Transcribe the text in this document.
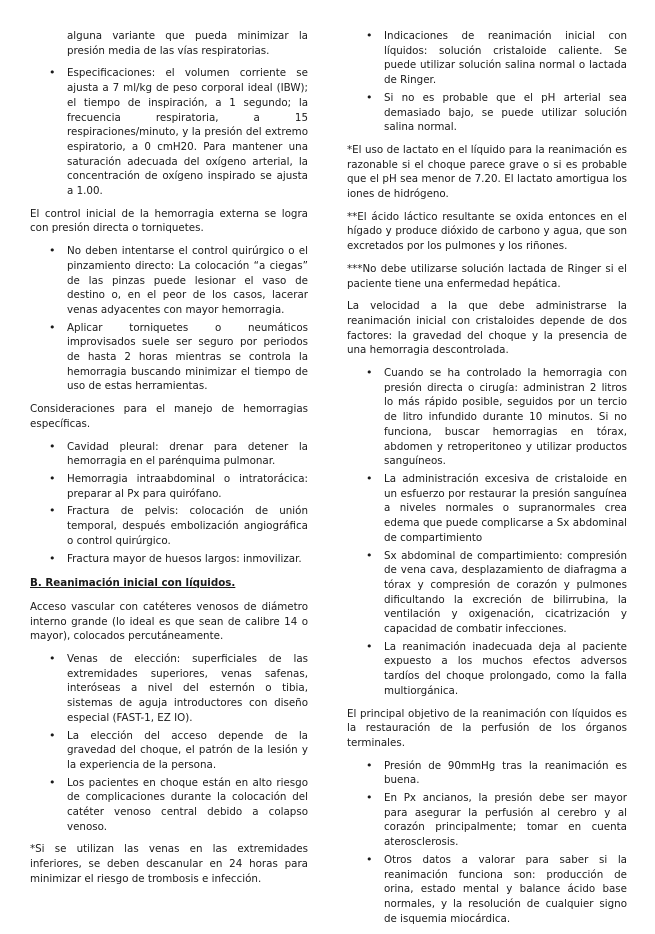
alguna variante que pueda minimizar la presión media de las vías respiratorias.
• Especificaciones: el volumen corriente se ajusta a 7 ml/kg de peso corporal ideal (IBW); el tiempo de inspiración, a 1 segundo; la frecuencia respiratoria, a 15 respiraciones/minuto, y la presión del extremo espiratorio, a 0 cmH20. Para mantener una saturación adecuada del oxígeno arterial, la concentración de oxígeno inspirado se ajusta a 1.00.

El control inicial de la hemorragia externa se logra con presión directa o torniquetes.

• No deben intentarse el control quirúrgico o el pinzamiento directo: La colocación “a ciegas” de las pinzas puede lesionar el vaso de destino o, en el peor de los casos, lacerar venas adyacentes con mayor hemorragia.
• Aplicar torniquetes o neumáticos improvisados suele ser seguro por periodos de hasta 2 horas mientras se controla la hemorragia buscando minimizar el tiempo de uso de estas herramientas.

Consideraciones para el manejo de hemorragias específicas.

• Cavidad pleural: drenar para detener la hemorragia en el parénquima pulmonar.
• Hemorragia intraabdominal o intratorácica: preparar al Px para quirófano.
• Fractura de pelvis: colocación de unión temporal, después embolización angiográfica o control quirúrgico.
• Fractura mayor de huesos largos: inmovilizar.
B. Reanimación inicial con líquidos.

Acceso vascular con catéteres venosos de diámetro interno grande (lo ideal es que sean de calibre 14 o mayor), colocados percutáneamente.

• Venas de elección: superficiales de las extremidades superiores, venas safenas, interóseas a nivel del esternón o tibia, sistemas de aguja introductores con diseño especial (FAST-1, EZ IO).
• La elección del acceso depende de la gravedad del choque, el patrón de la lesión y la experiencia de la persona.
• Los pacientes en choque están en alto riesgo de complicaciones durante la colocación del catéter venoso central debido a colapso venoso.

*Si se utilizan las venas en las extremidades inferiores, se deben descanular en 24 horas para minimizar el riesgo de trombosis e infección.

• Indicaciones de reanimación inicial con líquidos: solución cristaloide caliente. Se puede utilizar solución salina normal o lactada de Ringer.
• Si no es probable que el pH arterial sea demasiado bajo, se puede utilizar solución salina normal.

*El uso de lactato en el líquido para la reanimación es razonable si el choque parece grave o si es probable que el pH sea menor de 7.20. El lactato amortigua los iones de hidrógeno.

**El ácido láctico resultante se oxida entonces en el hígado y produce dióxido de carbono y agua, que son excretados por los pulmones y los riñones.

***No debe utilizarse solución lactada de Ringer si el paciente tiene una enfermedad hepática.

La velocidad a la que debe administrarse la reanimación inicial con cristaloides depende de dos factores: la gravedad del choque y la presencia de una hemorragia descontrolada.

• Cuando se ha controlado la hemorragia con presión directa o cirugía: administran 2 litros lo más rápido posible, seguidos por un tercio de litro infundido durante 10 minutos. Si no funciona, buscar hemorragias en tórax, abdomen y retroperitoneo y utilizar productos sanguíneos.
• La administración excesiva de cristaloide en un esfuerzo por restaurar la presión sanguínea a niveles normales o supranormales crea edema que puede complicarse a Sx abdominal de compartimiento
• Sx abdominal de compartimiento: compresión de vena cava, desplazamiento de diafragma a tórax y compresión de corazón y pulmones dificultando la excreción de bilirrubina, la ventilación y oxigenación, cicatrización y capacidad de combatir infecciones.
• La reanimación inadecuada deja al paciente expuesto a los muchos efectos adversos tardíos del choque prolongado, como la falla multiorgánica.

El principal objetivo de la reanimación con líquidos es la restauración de la perfusión de los órganos terminales.

• Presión de 90mmHg tras la reanimación es buena.
• En Px ancianos, la presión debe ser mayor para asegurar la perfusión al cerebro y al corazón principalmente; tomar en cuenta aterosclerosis.
• Otros datos a valorar para saber si la reanimación funciona son: producción de orina, estado mental y balance ácido base normales, y la resolución de cualquier signo de isquemia miocárdica.
